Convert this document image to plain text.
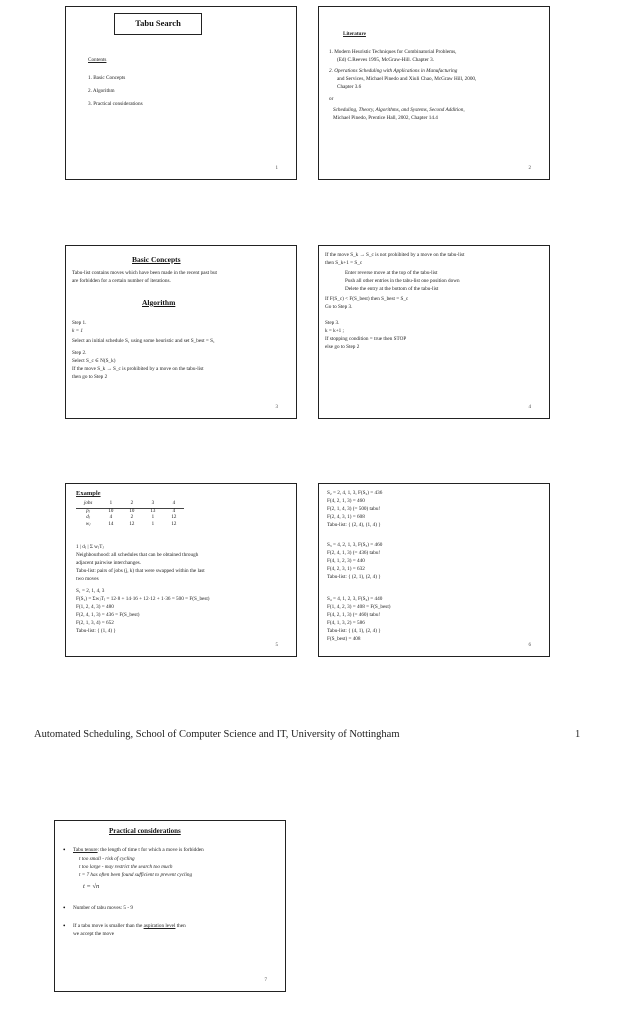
Tabu Search
Contents
1. Basic Concepts
2. Algorithm
3. Practical considerations
1
Literature
1. Modern Heuristic Techniques for Combinatorial Problems,
(Ed) C.Reeves 1995, McGraw-Hill. Chapter 3.
2. Operations Scheduling with Applications in Manufacturing
and Services, Michael Pinedo and Xiuli Chao, McGraw Hill, 2000,
Chapter 3.6
or
Scheduling, Theory, Algorithms, and Systems, Second Addition,
Michael Pinedo, Prentice Hall, 2002, Chapter 14.4
2
Basic Concepts
Tabu-list contains moves which have been made in the recent past but
are forbidden for a certain number of iterations.
Algorithm
Step 1.
k = 1
Select an initial schedule S₁ using some heuristic and set S_best = S₁
Step 2.
Select S_c ∈ N(S_k)
If the move S_k → S_c is prohibited by a move on the tabu-list
then go to Step 2
3
If the move S_k → S_c is not prohibited by a move on the tabu-list
then S_k+1 = S_c
Enter reverse move at the top of the tabu-list
Push all other entries in the tabu-list one position down
Delete the entry at the bottom of the tabu-list
If F(S_c) < F(S_best) then S_best = S_c
Go to Step 3.
Step 3.
k = k+1 ;
If stopping condition = true then STOP
else go to Step 2
4
Example
jobs	1	2	3	4
pⱼ	10	10	13	4
dⱼ	4	2	1	12
wⱼ	14	12	1	12
1 | dⱼ | Σ wⱼTⱼ
Neighbourhood: all schedules that can be obtained through
adjacent pairwise interchanges.
Tabu-list: pairs of jobs (j, k) that were swapped within the last
two moves
S₁ = 2, 1, 4, 3
F(S₁) = ΣwⱼTⱼ = 12·8 + 14·16 + 12·12 + 1·36 = 500 = F(S_best)
F(1, 2, 4, 3) = 480
F(2, 4, 1, 3) = 436 = F(S_best)
F(2, 1, 3, 4) = 652
Tabu-list: { (1, 4) }
5
S₂ = 2, 4, 1, 3, F(S₂) = 436
F(4, 2, 1, 3) = 460
F(2, 1, 4, 3) (= 500) tabu!
F(2, 4, 3, 1) = 608
Tabu-list: { (2, 4), (1, 4) }
S₃ = 4, 2, 1, 3, F(S₃) = 460
F(2, 4, 1, 3) (= 436) tabu!
F(4, 1, 2, 3) = 440
F(4, 2, 3, 1) = 632
Tabu-list: { (2, 1), (2, 4) }
S₄ = 4, 1, 2, 3, F(S₄) = 440
F(1, 4, 2, 3) = 408 = F(S_best)
F(4, 2, 1, 3) (= 460) tabu!
F(4, 1, 3, 2) = 586
Tabu-list: { (4, 1), (2, 4) }
F(S_best) = 408
6
Automated Scheduling, School of Computer Science and IT, University of Nottingham	1
Practical considerations
• Tabu tenure: the length of time t for which a move is forbidden
t too small - risk of cycling
t too large - may restrict the search too much
t = 7 has often been found sufficient to prevent cycling
t = √n
• Number of tabu moves: 5 - 9
• If a tabu move is smaller than the aspiration level then
we accept the move
7
